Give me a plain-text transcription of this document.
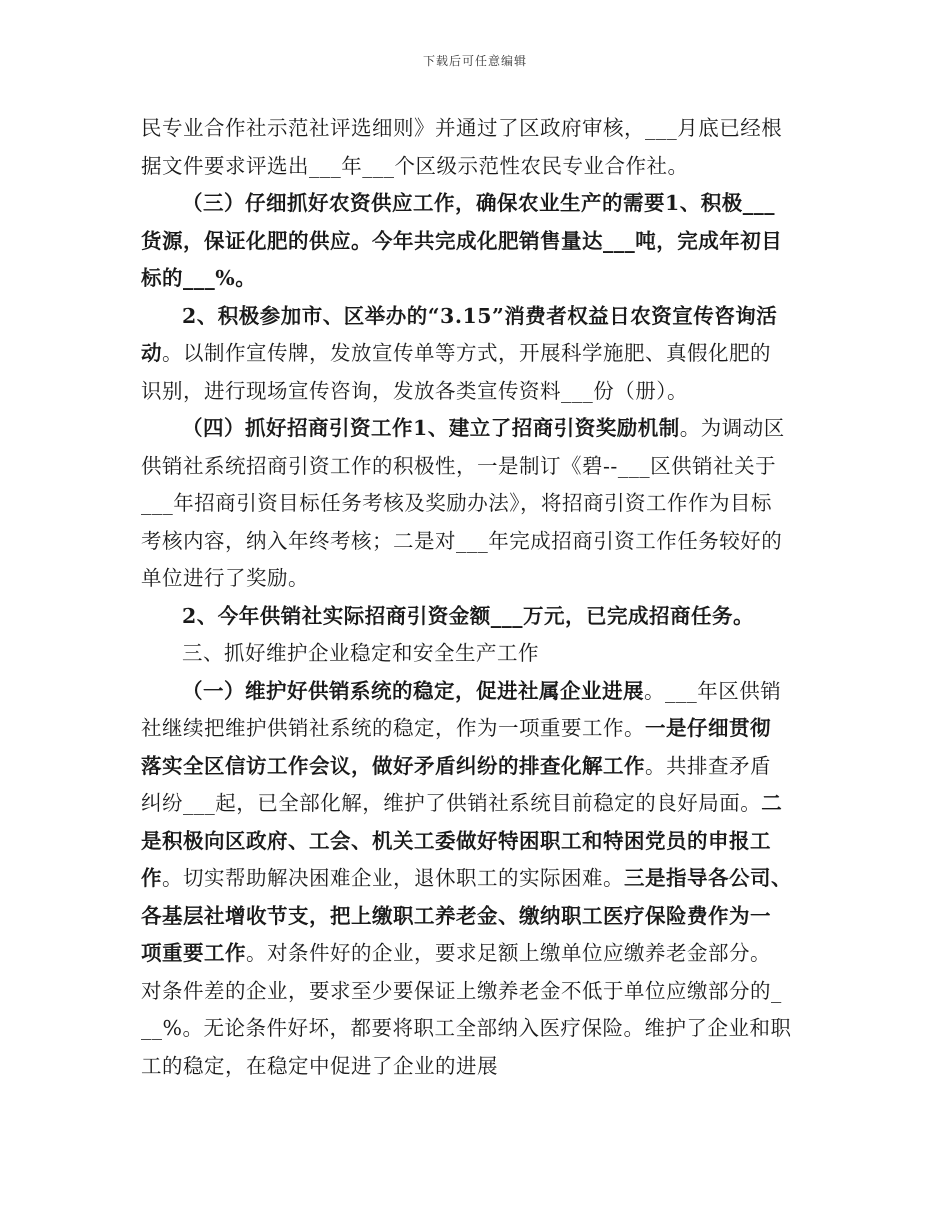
下载后可任意编辑
民专业合作社示范社评选细则》并通过了区政府审核，___月底已经根
据文件要求评选出___年___个区级示范性农民专业合作社。
（三）仔细抓好农资供应工作，确保农业生产的需要1、积极___
货源，保证化肥的供应。今年共完成化肥销售量达___吨，完成年初目
标的___%。
2、积极参加市、区举办的“3.15”消费者权益日农资宣传咨询活
动。以制作宣传牌，发放宣传单等方式，开展科学施肥、真假化肥的
识别，进行现场宣传咨询，发放各类宣传资料___份（册）。
（四）抓好招商引资工作1、建立了招商引资奖励机制。为调动区
供销社系统招商引资工作的积极性，一是制订《碧--___区供销社关于
___年招商引资目标任务考核及奖励办法》，将招商引资工作作为目标
考核内容，纳入年终考核；二是对___年完成招商引资工作任务较好的
单位进行了奖励。
2、今年供销社实际招商引资金额___万元，已完成招商任务。
三、抓好维护企业稳定和安全生产工作
（一）维护好供销系统的稳定，促进社属企业进展。___年区供销
社继续把维护供销社系统的稳定，作为一项重要工作。一是仔细贯彻
落实全区信访工作会议，做好矛盾纠纷的排查化解工作。共排查矛盾
纠纷___起，已全部化解，维护了供销社系统目前稳定的良好局面。二
是积极向区政府、工会、机关工委做好特困职工和特困党员的申报工
作。切实帮助解决困难企业，退休职工的实际困难。三是指导各公司、
各基层社增收节支，把上缴职工养老金、缴纳职工医疗保险费作为一
项重要工作。对条件好的企业，要求足额上缴单位应缴养老金部分。
对条件差的企业，要求至少要保证上缴养老金不低于单位应缴部分的_
__%。无论条件好坏，都要将职工全部纳入医疗保险。维护了企业和职
工的稳定，在稳定中促进了企业的进展
